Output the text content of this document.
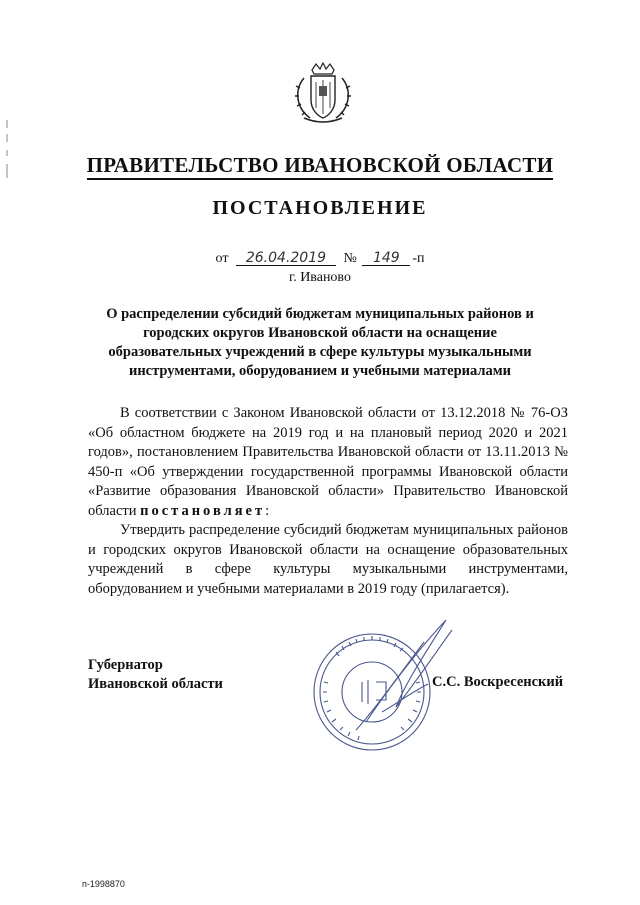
ПРАВИТЕЛЬСТВО ИВАНОВСКОЙ ОБЛАСТИ
ПОСТАНОВЛЕНИЕ
от 26.04.2019 № 149 -п
г. Иваново
О распределении субсидий бюджетам муниципальных районов и городских округов Ивановской области на оснащение образовательных учреждений в сфере культуры музыкальными инструментами, оборудованием и учебными материалами

В соответствии с Законом Ивановской области от 13.12.2018 № 76-ОЗ «Об областном бюджете на 2019 год и на плановый период 2020 и 2021 годов», постановлением Правительства Ивановской области от 13.11.2013 № 450-п «Об утверждении государственной программы Ивановской области «Развитие образования Ивановской области» Правительство Ивановской области постановляет:

Утвердить распределение субсидий бюджетам муниципальных районов и городских округов Ивановской области на оснащение образовательных учреждений в сфере культуры музыкальными инструментами, оборудованием и учебными материалами в 2019 году (прилагается).

Губернатор
Ивановской области	С.С. Воскресенский
п-1998870
